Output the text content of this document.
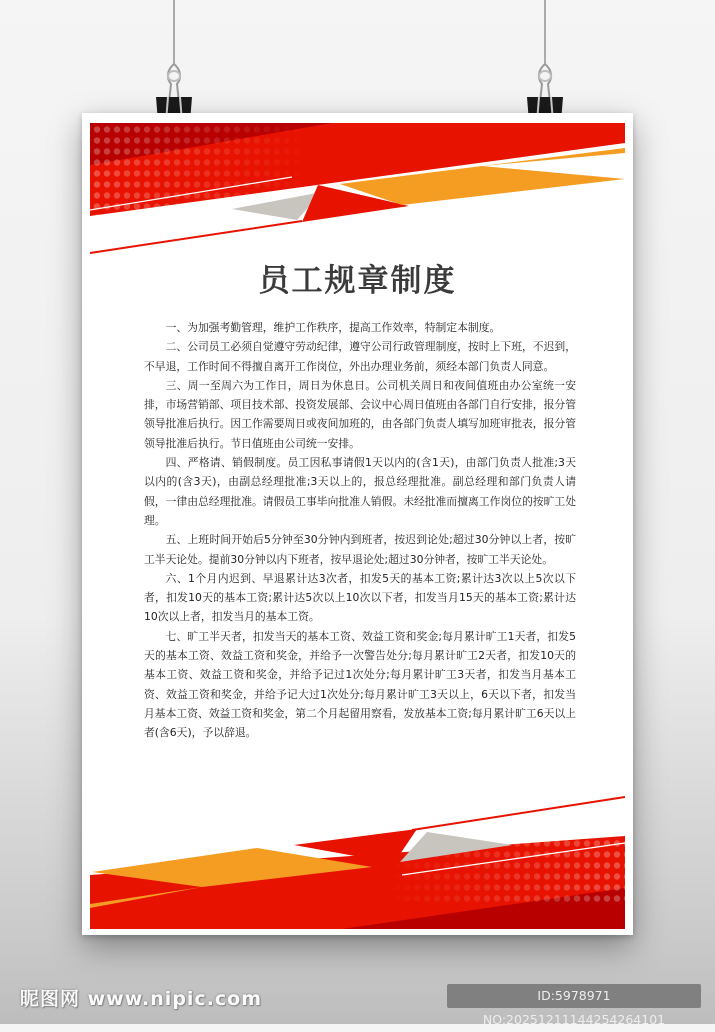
员工规章制度

一、为加强考勤管理，维护工作秩序，提高工作效率，特制定本制度。

二、公司员工必须自觉遵守劳动纪律，遵守公司行政管理制度，按时上下班，不迟到，不早退，工作时间不得擅自离开工作岗位，外出办理业务前，须经本部门负责人同意。

三、周一至周六为工作日，周日为休息日。公司机关周日和夜间值班由办公室统一安排，市场营销部、项目技术部、投资发展部、会议中心周日值班由各部门自行安排，报分管领导批准后执行。因工作需要周日或夜间加班的，由各部门负责人填写加班审批表，报分管领导批准后执行。节日值班由公司统一安排。

四、严格请、销假制度。员工因私事请假1天以内的(含1天)，由部门负责人批准;3天以内的(含3天)，由副总经理批准;3天以上的，报总经理批准。副总经理和部门负责人请假，一律由总经理批准。请假员工事毕向批准人销假。未经批准而擅离工作岗位的按旷工处理。

五、上班时间开始后5分钟至30分钟内到班者，按迟到论处;超过30分钟以上者，按旷工半天论处。提前30分钟以内下班者，按早退论处;超过30分钟者，按旷工半天论处。

六、1个月内迟到、早退累计达3次者，扣发5天的基本工资;累计达3次以上5次以下者，扣发10天的基本工资;累计达5次以上10次以下者，扣发当月15天的基本工资;累计达10次以上者，扣发当月的基本工资。

七、旷工半天者，扣发当天的基本工资、效益工资和奖金;每月累计旷工1天者，扣发5天的基本工资、效益工资和奖金，并给予一次警告处分;每月累计旷工2天者，扣发10天的基本工资、效益工资和奖金，并给予记过1次处分;每月累计旷工3天者，扣发当月基本工资、效益工资和奖金，并给予记大过1次处分;每月累计旷工3天以上，6天以下者，扣发当月基本工资、效益工资和奖金，第二个月起留用察看，发放基本工资;每月累计旷工6天以上者(含6天)，予以辞退。

昵图网 www.nipic.com	ID:5978971 NO:20251211144254264101
